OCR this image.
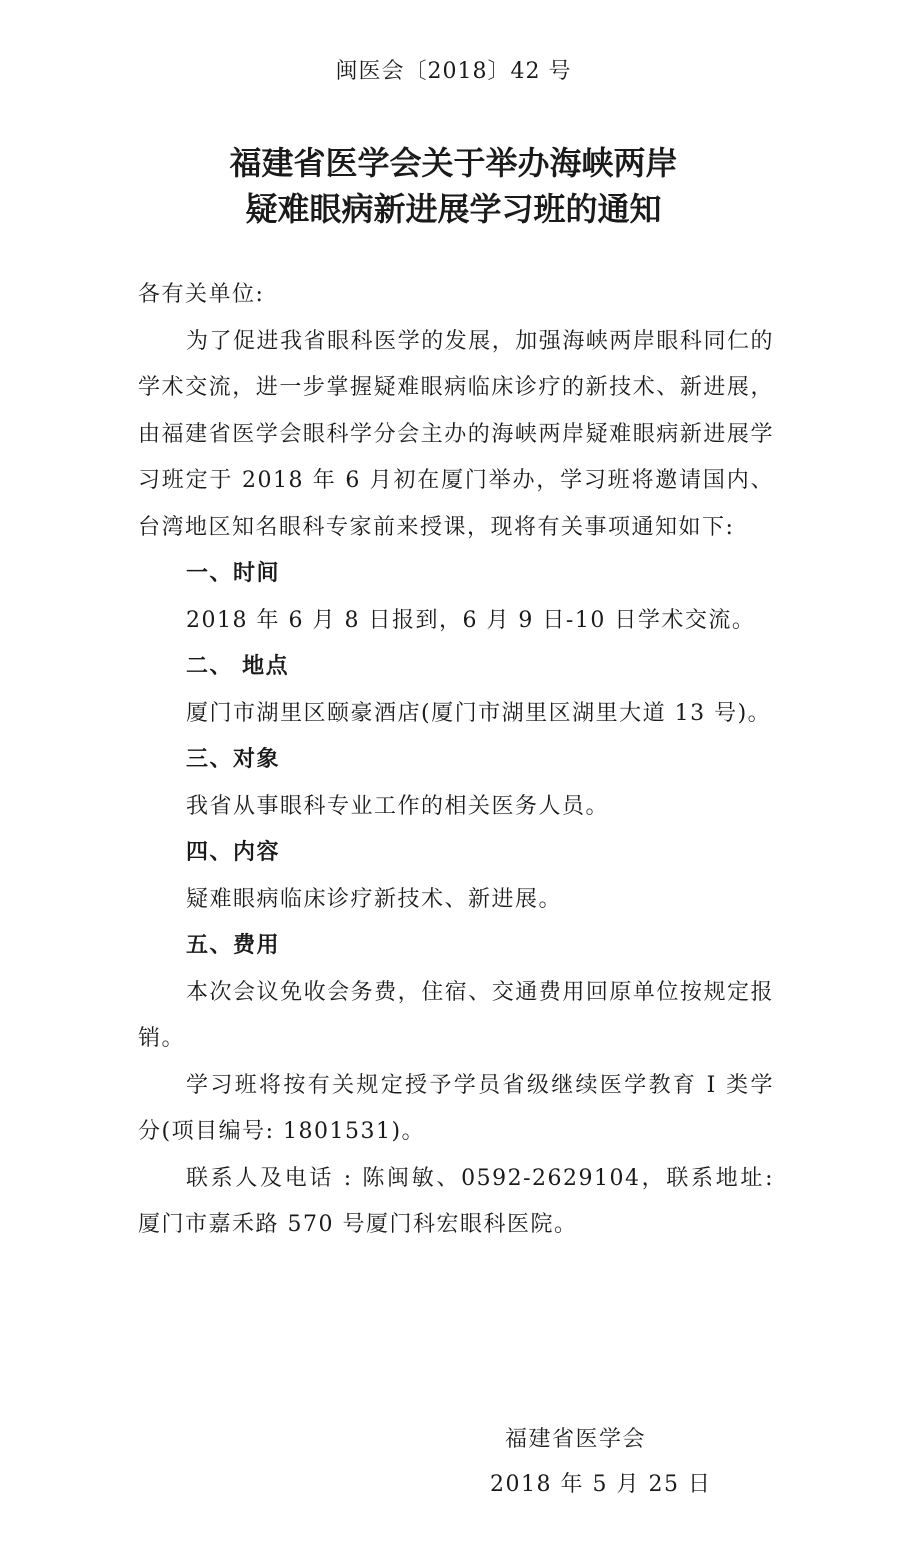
闽医会〔2018〕42 号
福建省医学会关于举办海峡两岸
疑难眼病新进展学习班的通知

各有关单位:

为了促进我省眼科医学的发展，加强海峡两岸眼科同仁的学术交流，进一步掌握疑难眼病临床诊疗的新技术、新进展，由福建省医学会眼科学分会主办的海峡两岸疑难眼病新进展学习班定于 2018 年 6 月初在厦门举办，学习班将邀请国内、台湾地区知名眼科专家前来授课，现将有关事项通知如下:

一、时间

2018 年 6 月 8 日报到，6 月 9 日-10 日学术交流。

二、 地点

厦门市湖里区颐豪酒店(厦门市湖里区湖里大道 13 号)。

三、对象

我省从事眼科专业工作的相关医务人员。

四、内容

疑难眼病临床诊疗新技术、新进展。

五、费用

本次会议免收会务费，住宿、交通费用回原单位按规定报销。

学习班将按有关规定授予学员省级继续医学教育 I 类学分(项目编号: 1801531)。

联系人及电话 : 陈闽敏、0592-2629104，联系地址: 厦门市嘉禾路 570 号厦门科宏眼科医院。

福建省医学会
2018 年 5 月 25 日
